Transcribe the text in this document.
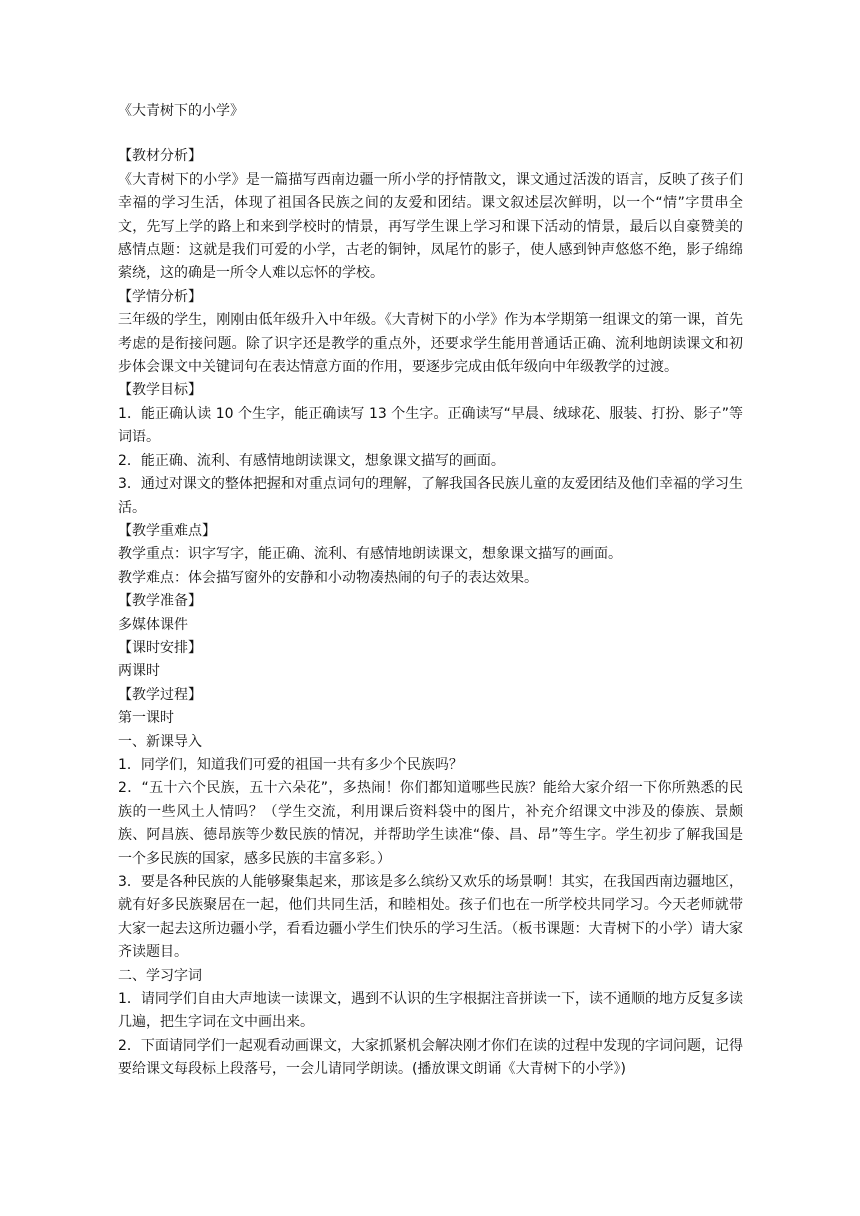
《大青树下的小学》

【教材分析】

《大青树下的小学》是一篇描写西南边疆一所小学的抒情散文，课文通过活泼的语言，反映了孩子们幸福的学习生活，体现了祖国各民族之间的友爱和团结。课文叙述层次鲜明，以一个“情”字贯串全文，先写上学的路上和来到学校时的情景，再写学生课上学习和课下活动的情景，最后以自豪赞美的感情点题：这就是我们可爱的小学，古老的铜钟，凤尾竹的影子，使人感到钟声悠悠不绝，影子绵绵萦绕，这的确是一所令人难以忘怀的学校。

【学情分析】

三年级的学生，刚刚由低年级升入中年级。《大青树下的小学》作为本学期第一组课文的第一课，首先考虑的是衔接问题。除了识字还是教学的重点外，还要求学生能用普通话正确、流利地朗读课文和初步体会课文中关键词句在表达情意方面的作用，要逐步完成由低年级向中年级教学的过渡。

【教学目标】

1．能正确认读 10 个生字，能正确读写 13 个生字。正确读写“早晨、绒球花、服装、打扮、影子”等词语。

2．能正确、流利、有感情地朗读课文，想象课文描写的画面。

3．通过对课文的整体把握和对重点词句的理解，了解我国各民族儿童的友爱团结及他们幸福的学习生活。

【教学重难点】

教学重点：识字写字，能正确、流利、有感情地朗读课文，想象课文描写的画面。

教学难点：体会描写窗外的安静和小动物凑热闹的句子的表达效果。

【教学准备】

多媒体课件

【课时安排】

两课时

【教学过程】

第一课时

一、新课导入

1．同学们，知道我们可爱的祖国一共有多少个民族吗？

2．“五十六个民族，五十六朵花”，多热闹！你们都知道哪些民族？能给大家介绍一下你所熟悉的民族的一些风土人情吗？（学生交流，利用课后资料袋中的图片，补充介绍课文中涉及的傣族、景颇族、阿昌族、德昂族等少数民族的情况，并帮助学生读准“傣、昌、昂”等生字。学生初步了解我国是一个多民族的国家，感多民族的丰富多彩。）

3．要是各种民族的人能够聚集起来，那该是多么缤纷又欢乐的场景啊！其实，在我国西南边疆地区，就有好多民族聚居在一起，他们共同生活，和睦相处。孩子们也在一所学校共同学习。今天老师就带大家一起去这所边疆小学，看看边疆小学生们快乐的学习生活。（板书课题：大青树下的小学）请大家齐读题目。

二、学习字词

1．请同学们自由大声地读一读课文，遇到不认识的生字根据注音拼读一下，读不通顺的地方反复多读几遍，把生字词在文中画出来。

2．下面请同学们一起观看动画课文，大家抓紧机会解决刚才你们在读的过程中发现的字词问题，记得要给课文每段标上段落号，一会儿请同学朗读。(播放课文朗诵《大青树下的小学》)
